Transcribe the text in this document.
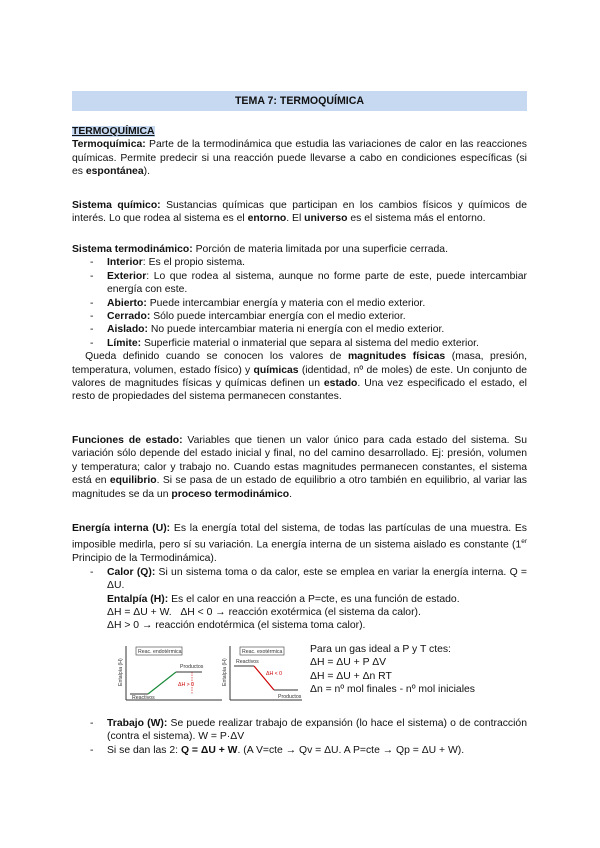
TEMA 7: TERMOQUÍMICA
TERMOQUÍMICA
Termoquímica: Parte de la termodinámica que estudia las variaciones de calor en las reacciones químicas. Permite predecir si una reacción puede llevarse a cabo en condiciones específicas (si es espontánea).
Sistema químico: Sustancias químicas que participan en los cambios físicos y químicos de interés. Lo que rodea al sistema es el entorno. El universo es el sistema más el entorno.
Sistema termodinámico: Porción de materia limitada por una superficie cerrada.
- Interior: Es el propio sistema.
- Exterior: Lo que rodea al sistema, aunque no forme parte de este, puede intercambiar energía con este.
- Abierto: Puede intercambiar energía y materia con el medio exterior.
- Cerrado: Sólo puede intercambiar energía con el medio exterior.
- Aislado: No puede intercambiar materia ni energía con el medio exterior.
- Límite: Superficie material o inmaterial que separa al sistema del medio exterior.
Queda definido cuando se conocen los valores de magnitudes físicas (masa, presión, temperatura, volumen, estado físico) y químicas (identidad, nº de moles) de este. Un conjunto de valores de magnitudes físicas y químicas definen un estado. Una vez especificado el estado, el resto de propiedades del sistema permanecen constantes.
Funciones de estado: Variables que tienen un valor único para cada estado del sistema. Su variación sólo depende del estado inicial y final, no del camino desarrollado. Ej: presión, volumen y temperatura; calor y trabajo no. Cuando estas magnitudes permanecen constantes, el sistema está en equilibrio. Si se pasa de un estado de equilibrio a otro también en equilibrio, al variar las magnitudes se da un proceso termodinámico.
Energía interna (U): Es la energía total del sistema, de todas las partículas de una muestra. Es imposible medirla, pero sí su variación. La energía interna de un sistema aislado es constante (1er Principio de la Termodinámica).
- Calor (Q): Si un sistema toma o da calor, este se emplea en variar la energía interna. Q = ΔU.
Entalpía (H): Es el calor en una reacción a P=cte, es una función de estado.
ΔH = ΔU + W.   ΔH < 0 → reacción exotérmica (el sistema da calor).
ΔH > 0 → reacción endotérmica (el sistema toma calor).
Entalpía (H)
Reac. endotérmica
Productos
Reactivos
ΔH > 0	Entalpía (H)
Reac. exotérmica
Reactivos
Productos
ΔH < 0
Para un gas ideal a P y T ctes:
ΔH = ΔU + P ΔV
ΔH = ΔU + Δn RT
Δn = nº mol finales - nº mol iniciales
- Trabajo (W): Se puede realizar trabajo de expansión (lo hace el sistema) o de contracción (contra el sistema). W = P·ΔV
- Si se dan las 2: Q = ΔU + W. (A V=cte → Qv = ΔU. A P=cte → Qp = ΔU + W).
